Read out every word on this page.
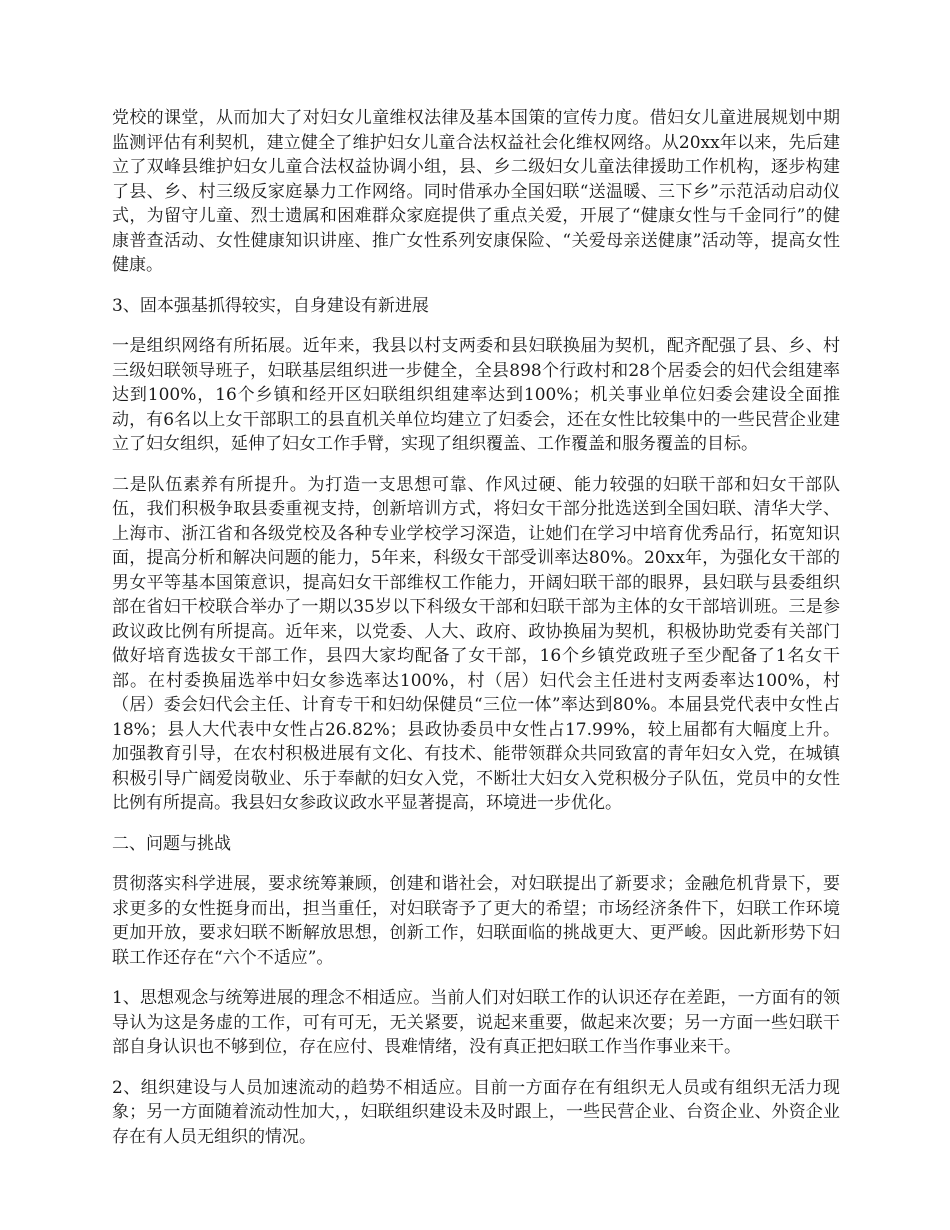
党校的课堂，从而加大了对妇女儿童维权法律及基本国策的宣传力度。借妇女儿童进展规划中期监测评估有利契机，建立健全了维护妇女儿童合法权益社会化维权网络。从20xx年以来，先后建立了双峰县维护妇女儿童合法权益协调小组，县、乡二级妇女儿童法律援助工作机构，逐步构建了县、乡、村三级反家庭暴力工作网络。同时借承办全国妇联“送温暖、三下乡”示范活动启动仪式，为留守儿童、烈士遗属和困难群众家庭提供了重点关爱，开展了“健康女性与千金同行”的健康普查活动、女性健康知识讲座、推广女性系列安康保险、“关爱母亲送健康”活动等，提高女性健康。

3、固本强基抓得较实，自身建设有新进展

一是组织网络有所拓展。近年来，我县以村支两委和县妇联换届为契机，配齐配强了县、乡、村三级妇联领导班子，妇联基层组织进一步健全，全县898个行政村和28个居委会的妇代会组建率达到100%，16个乡镇和经开区妇联组织组建率达到100%；机关事业单位妇委会建设全面推动，有6名以上女干部职工的县直机关单位均建立了妇委会，还在女性比较集中的一些民营企业建立了妇女组织，延伸了妇女工作手臂，实现了组织覆盖、工作覆盖和服务覆盖的目标。

二是队伍素养有所提升。为打造一支思想可靠、作风过硬、能力较强的妇联干部和妇女干部队伍，我们积极争取县委重视支持，创新培训方式，将妇女干部分批选送到全国妇联、清华大学、上海市、浙江省和各级党校及各种专业学校学习深造，让她们在学习中培育优秀品行，拓宽知识面，提高分析和解决问题的能力，5年来，科级女干部受训率达80%。20xx年，为强化女干部的男女平等基本国策意识，提高妇女干部维权工作能力，开阔妇联干部的眼界，县妇联与县委组织部在省妇干校联合举办了一期以35岁以下科级女干部和妇联干部为主体的女干部培训班。三是参政议政比例有所提高。近年来，以党委、人大、政府、政协换届为契机，积极协助党委有关部门做好培育选拔女干部工作，县四大家均配备了女干部，16个乡镇党政班子至少配备了1名女干部。在村委换届选举中妇女参选率达100%，村（居）妇代会主任进村支两委率达100%，村（居）委会妇代会主任、计育专干和妇幼保健员“三位一体”率达到80%。本届县党代表中女性占18%；县人大代表中女性占26.82%；县政协委员中女性占17.99%，较上届都有大幅度上升。加强教育引导，在农村积极进展有文化、有技术、能带领群众共同致富的青年妇女入党，在城镇积极引导广阔爱岗敬业、乐于奉献的妇女入党，不断壮大妇女入党积极分子队伍，党员中的女性比例有所提高。我县妇女参政议政水平显著提高，环境进一步优化。

二、问题与挑战

贯彻落实科学进展，要求统筹兼顾，创建和谐社会，对妇联提出了新要求；金融危机背景下，要求更多的女性挺身而出，担当重任，对妇联寄予了更大的希望；市场经济条件下，妇联工作环境更加开放，要求妇联不断解放思想，创新工作，妇联面临的挑战更大、更严峻。因此新形势下妇联工作还存在“六个不适应”。

1、思想观念与统筹进展的理念不相适应。当前人们对妇联工作的认识还存在差距，一方面有的领导认为这是务虚的工作，可有可无，无关紧要，说起来重要，做起来次要；另一方面一些妇联干部自身认识也不够到位，存在应付、畏难情绪，没有真正把妇联工作当作事业来干。

2、组织建设与人员加速流动的趋势不相适应。目前一方面存在有组织无人员或有组织无活力现象；另一方面随着流动性加大，，妇联组织建设未及时跟上，一些民营企业、台资企业、外资企业存在有人员无组织的情况。
